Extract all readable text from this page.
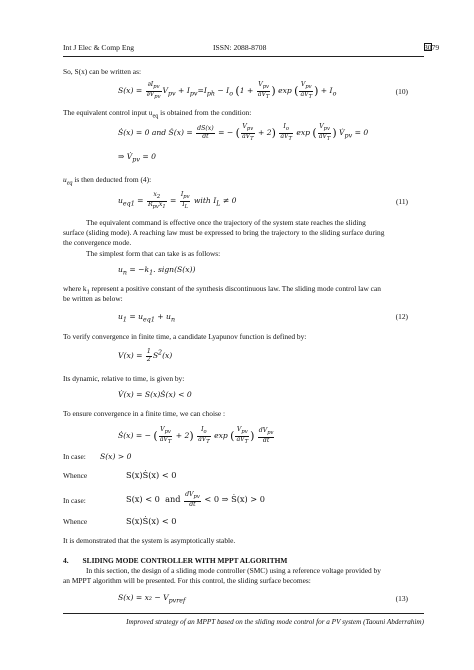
Int J Elec & Comp Eng	ISSN: 2088-8708	3079
So, S(x) can be written as:
$S(x) = \frac{\partial I_{pv}}{\partial V_{pv}} V_{pv} + I_{pv}=I_{ph} - I_o$ ($1 + \frac{V_{pv}}{aV_T}$ ) exp ( $\frac{V_{pv}}{aV_T}$ ) + $I_o$	(10)
The equivalent control input $u_{eq}$ is obtained from the condition:
Ṡ(x) = 0 and Ṡ(x) = $\frac{dS(x)}{dt}$ = − ( $\frac{V_{pv}}{aV_T} + 2) \frac{I_o}{aV_T}$ exp ( $\frac{V_{pv}}{aV_T}$ ) $V̇_{pv} = 0$
⇒ $V̇_{pv} = 0$
$u_{eq}$ is then deducted from (4):
$u_{eq1} = \frac{x_2}{R_{pv}x_1} = \frac{I_{pv}}{I_L}$ with $I_L \ne 0$	(11)
The equivalent command is effective once the trajectory of the system state reaches the sliding
surface (sliding mode). A reaching law must be expressed to bring the trajectory to the sliding surface during
the convergence mode.
The simplest form that can take is as follows:
$u_n = -k_1$. sign(S(x))
where $k_1$ represent a positive constant of the synthesis discontinuous law. The sliding mode control law can
be written as below:
$u_1 = u_{eq1} + u_n$	(12)
To verify convergence in finite time, a candidate Lyapunov function is defined by:
$V(x) = \frac{1}{2} S^2(x)$
Its dynamic, relative to time, is given by:
V̇(x) = S(x)Ṡ(x) < 0
To ensure convergence in a finite time, we can choise :
Ṡ(x) = − ( $\frac{V_{pv}}{aV_T} + 2) \frac{I_o}{aV_T}$ exp ( $\frac{V_{pv}}{aV_T}$ ) $\frac{dV_{pv}}{dt}$
In case: S(x) > 0
Whence	S(x)Ṡ(x) < 0
In case:	S(x) < 0  and $\frac{dV_{pv}}{dt} < 0$ ⇒ Ṡ(x) > 0
Whence	S(x)Ṡ(x) < 0
It is demonstrated that the system is asymptotically stable.
4. SLIDING MODE CONTROLLER WITH MPPT ALGORITHM
In this section, the design of a sliding mode controller (SMC) using a reference voltage provided by
an MPPT algorithm will be presented. For this control, the sliding surface becomes:
$S(x) = x_2 - V_{pvref}$	(13)
Improved strategy of an MPPT based on the sliding mode control for a PV system (Taouni Abderrahim)
